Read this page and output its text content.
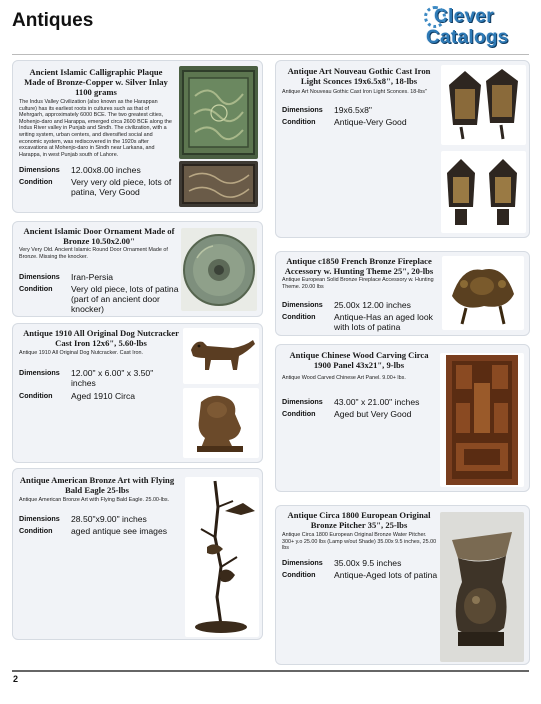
Antiques	Clever
Catalogs
Ancient Islamic Calligraphic Plaque Made of Bronze-Copper w. Silver Inlay 1100 grams
The Indus Valley Civilization (also known as the Harappan culture) has its earliest roots in cultures such as that of Mehrgarh, approximately 6000 BCE. The two greatest cities, Mohenjo-daro and Harappa, emerged circa 2600 BCE along the Indus River valley in Punjab and Sindh. The civilization, with a writing system, urban centers, and diversified social and economic system, was rediscovered in the 1920s after excavations at Mohenjo-daro in Sindh near Larkana, and Harappa, in west Punjab south of Lahore.
Dimensions	12.00x8.00 inches
Condition	Very very old piece, lots of patina, Very Good
Ancient Islamic Door Ornament Made of Bronze 10.50x2.00"
Very Very Old. Ancient Islamic Round Door Ornament Made of Bronze. Missing the knocker.
Dimensions	Iran-Persia
Condition	Very old piece, lots of patina (part of an ancient door knocker)
Antique 1910 All Original Dog Nutcracker Cast Iron 12x6", 5.60-lbs
Antique 1910 All Original Dog Nutcracker. Cast Iron.
Dimensions	12.00" x 6.00" x 3.50" inches
Condition	Aged 1910 Circa
Antique American Bronze Art with Flying Bald Eagle 25-lbs
Antique American Bronze Art with Flying Bald Eagle. 25.00-lbs.
Dimensions	28.50"x9.00" inches
Condition	aged antique see images
Antique Art Nouveau Gothic Cast Iron Light Sconces 19x6.5x8", 18-lbs
Antique Art Nouveau Gothic Cast Iron Light Sconces. 18-lbs"
Dimensions	19x6.5x8"
Condition	Antique-Very Good
Antique c1850 French Bronze Fireplace Accessory w. Hunting Theme 25", 20-lbs
Antique European Solid Bronze Fireplace Accessory w. Hunting Theme. 20.00 lbs
Dimensions	25.00x 12.00 inches
Condition	Antique-Has an aged look with lots of patina
Antique Chinese Wood Carving Circa 1900 Panel 43x21", 9-lbs
Antique Wood Carved Chinese Art Panel. 9.00+ lbs.
Dimensions	43.00" x 21.00" inches
Condition	Aged but Very Good
Antique Circa 1800 European Original Bronze Pitcher 35", 25-lbs
Antique Circa 1800 European Original Bronze Water Pitcher. 300+ y.o 25.00 lbs (Lamp w/out Shade) 35.00x 9.5 inches, 25.00 lbs
Dimensions	35.00x 9.5 inches
Condition	Antique-Aged lots of patina
2
